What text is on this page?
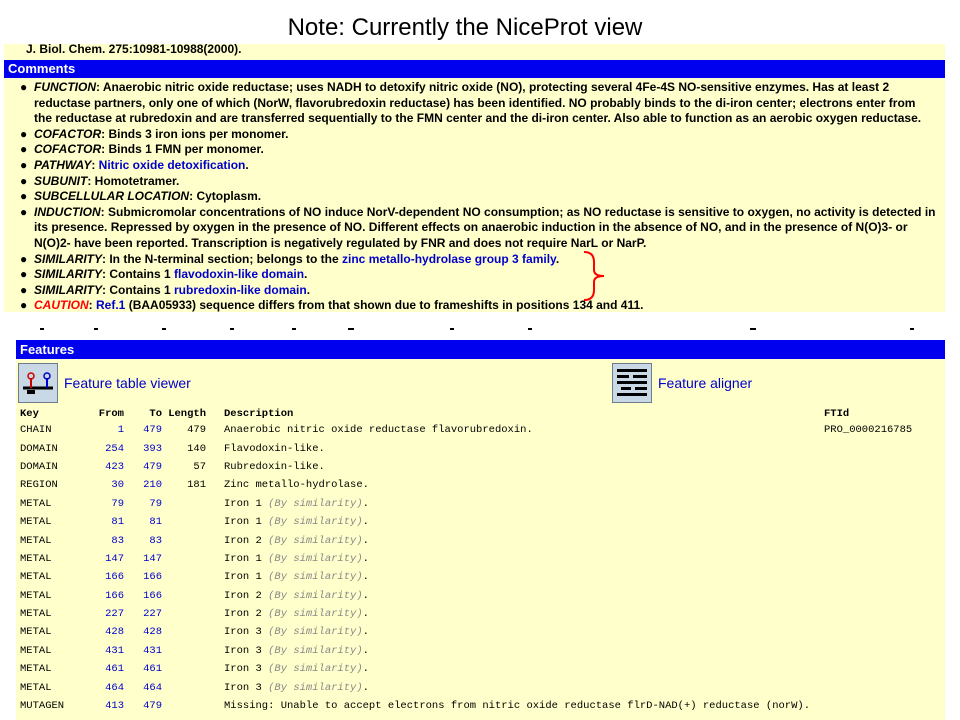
Note: Currently the NiceProt view
J. Biol. Chem. 275:10981-10988(2000).
Comments
● FUNCTION: Anaerobic nitric oxide reductase; uses NADH to detoxify nitric oxide (NO), protecting several 4Fe-4S NO-sensitive enzymes. Has at least 2 reductase partners, only one of which (NorW, flavorubredoxin reductase) has been identified. NO probably binds to the di-iron center; electrons enter from the reductase at rubredoxin and are transferred sequentially to the FMN center and the di-iron center. Also able to function as an aerobic oxygen reductase.
● COFACTOR: Binds 3 iron ions per monomer.
● COFACTOR: Binds 1 FMN per monomer.
● PATHWAY: Nitric oxide detoxification.
● SUBUNIT: Homotetramer.
● SUBCELLULAR LOCATION: Cytoplasm.
● INDUCTION: Submicromolar concentrations of NO induce NorV-dependent NO consumption; as NO reductase is sensitive to oxygen, no activity is detected in its presence. Repressed by oxygen in the presence of NO. Different effects on anaerobic induction in the absence of NO, and in the presence of N(O)3- or N(O)2- have been reported. Transcription is negatively regulated by FNR and does not require NarL or NarP.
● SIMILARITY: In the N-terminal section; belongs to the zinc metallo-hydrolase group 3 family.
● SIMILARITY: Contains 1 flavodoxin-like domain.
● SIMILARITY: Contains 1 rubredoxin-like domain.
● CAUTION: Ref.1 (BAA05933) sequence differs from that shown due to frameshifts in positions 134 and 411.
Features
Feature table viewer	Feature aligner
Key	From	To	Length	Description	FTId
CHAIN	1	479	479	Anaerobic nitric oxide reductase flavorubredoxin.	PRO_0000216785
DOMAIN	254	393	140	Flavodoxin-like.	
DOMAIN	423	479	57	Rubredoxin-like.	
REGION	30	210	181	Zinc metallo-hydrolase.	
METAL	79	79		Iron 1 (By similarity).	
METAL	81	81		Iron 1 (By similarity).	
METAL	83	83		Iron 2 (By similarity).	
METAL	147	147		Iron 1 (By similarity).	
METAL	166	166		Iron 1 (By similarity).	
METAL	166	166		Iron 2 (By similarity).	
METAL	227	227		Iron 2 (By similarity).	
METAL	428	428		Iron 3 (By similarity).	
METAL	431	431		Iron 3 (By similarity).	
METAL	461	461		Iron 3 (By similarity).	
METAL	464	464		Iron 3 (By similarity).	
MUTAGEN	413	479		Missing: Unable to accept electrons from nitric oxide reductase flrD-NAD(+) reductase (norW).	
